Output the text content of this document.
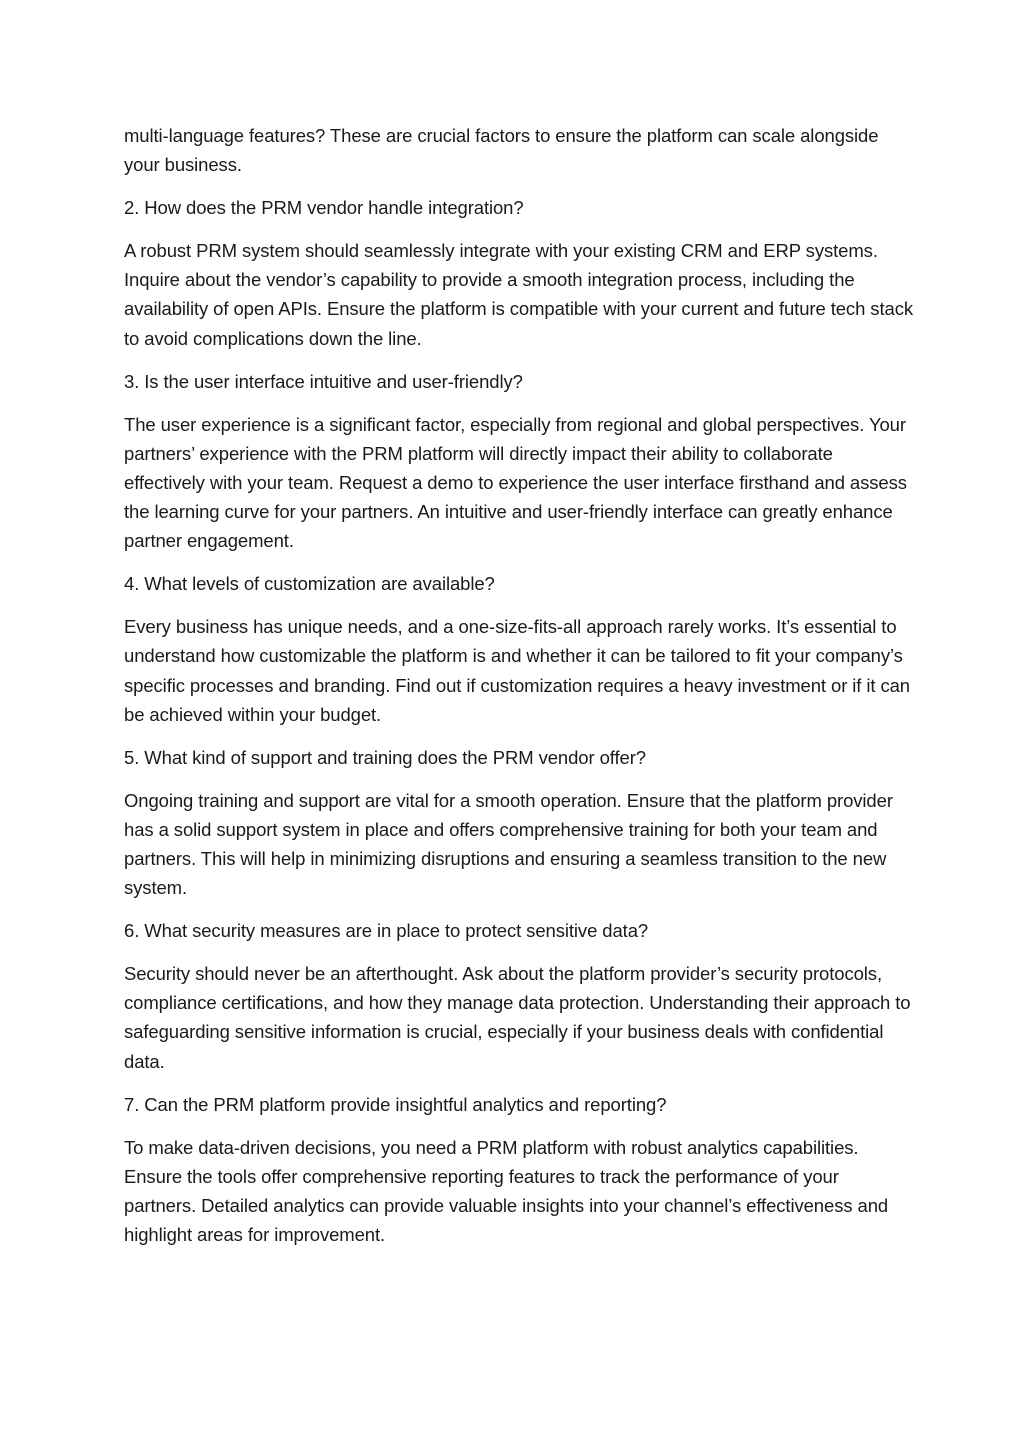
multi-language features? These are crucial factors to ensure the platform can scale alongside your business.

2. How does the PRM vendor handle integration?

A robust PRM system should seamlessly integrate with your existing CRM and ERP systems. Inquire about the vendor’s capability to provide a smooth integration process, including the availability of open APIs. Ensure the platform is compatible with your current and future tech stack to avoid complications down the line.

3. Is the user interface intuitive and user-friendly?

The user experience is a significant factor, especially from regional and global perspectives. Your partners’ experience with the PRM platform will directly impact their ability to collaborate effectively with your team. Request a demo to experience the user interface firsthand and assess the learning curve for your partners. An intuitive and user-friendly interface can greatly enhance partner engagement.

4. What levels of customization are available?

Every business has unique needs, and a one-size-fits-all approach rarely works. It’s essential to understand how customizable the platform is and whether it can be tailored to fit your company’s specific processes and branding. Find out if customization requires a heavy investment or if it can be achieved within your budget.

5. What kind of support and training does the PRM vendor offer?

Ongoing training and support are vital for a smooth operation. Ensure that the platform provider has a solid support system in place and offers comprehensive training for both your team and partners. This will help in minimizing disruptions and ensuring a seamless transition to the new system.

6. What security measures are in place to protect sensitive data?

Security should never be an afterthought. Ask about the platform provider’s security protocols, compliance certifications, and how they manage data protection. Understanding their approach to safeguarding sensitive information is crucial, especially if your business deals with confidential data.

7. Can the PRM platform provide insightful analytics and reporting?

To make data-driven decisions, you need a PRM platform with robust analytics capabilities. Ensure the tools offer comprehensive reporting features to track the performance of your partners. Detailed analytics can provide valuable insights into your channel’s effectiveness and highlight areas for improvement.
